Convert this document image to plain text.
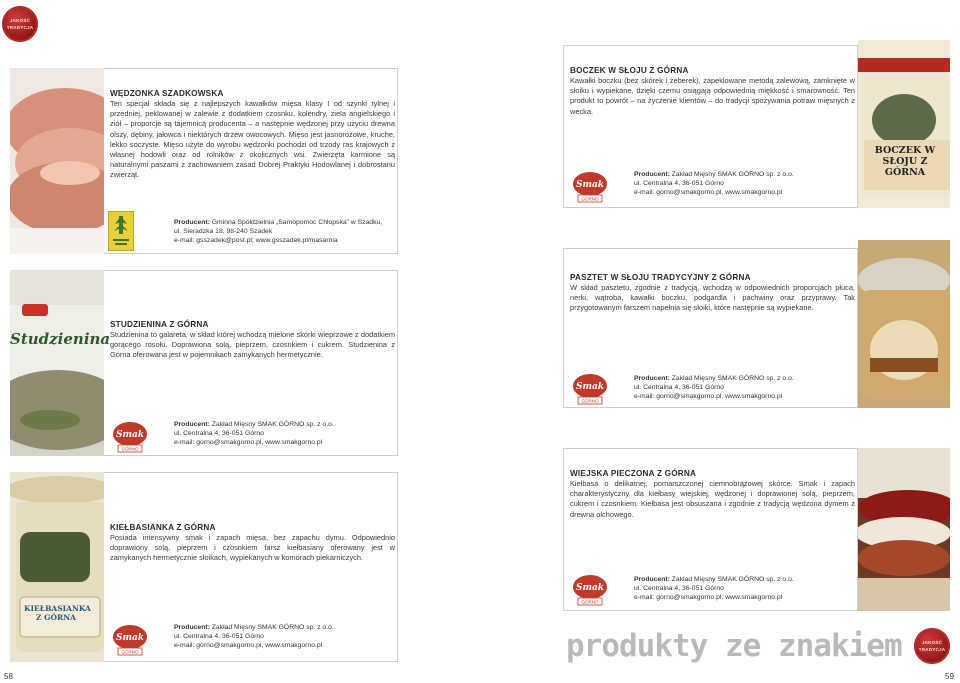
JAKOŚĆ
TRADYCJA
WĘDZONKA SZADKOWSKA
Ten specjał składa się z najlepszych kawałków mięsa klasy I od szynki tylnej i przedniej, peklowanej w zalewie z dodatkiem czosnku, kolendry, ziela angielskiego i ziół – proporcje są tajemnicą producenta – a następnie wędzonej przy użyciu drewna olszy, dębiny, jałowca i niektórych drzew owocowych. Mięso jest jasnoróżowe, kruche, lekko soczyste. Mięso użyte do wyrobu wędzonki pochodzi od trzody ras krajowych z własnej hodowli oraz od rolników z okolicznych wsi. Zwierzęta karmione są naturalnymi paszami z zachowaniem zasad Dobrej Praktyki Hodowlanej i dobrostanu zwierząt.
Producent: Gminna Spółdzielnia „Samopomoc Chłopska” w Szadku,
ul. Sieradzka 18, 98-240 Szadek
e-mail: gsszadek@post.pl; www.gsszadek.pl/masarnia
Studzienina
STUDZIENINA Z GÓRNA
Studzienina to galareta, w skład której wchodzą mielone skórki wieprzowe z dodatkiem gorącego rosołu. Doprawiona solą, pieprzem, czosnkiem i cukrem. Studzienina z Górna oferowana jest w pojemnikach zamykanych hermetycznie.
Smak
GÓRNO
Producent: Zakład Mięsny SMAK GÓRNO sp. z o.o.
ul. Centralna 4, 36-051 Górno
e-mail: gorno@smakgorno.pl, www.smakgorno.pl
KIEŁBASIANKA Z GÓRNA
KIEŁBASIANKA Z GÓRNA
Posiada intensywny smak i zapach mięsa, bez zapachu dymu. Odpowiednio doprawiony solą, pieprzem i czosnkiem farsz kiełbasiany oferowany jest w zamykanych hermetycznie słoikach, wypiekanych w komorach piekarniczych.
Smak
GÓRNO
Producent: Zakład Mięsny SMAK GÓRNO sp. z o.o.
ul. Centralna 4, 36-051 Górno
e-mail: gorno@smakgorno.pl, www.smakgorno.pl
58
BOCZEK W SŁOJU Z GÓRNA
BOCZEK W SŁOJU Z GÓRNA
Kawałki boczku (bez skórek i żeberek), zapeklowane metodą zalewową, zamknięte w słoiku i wypiekane, dzięki czemu osiągają odpowiednią miękkość i smarowność. Ten produkt to powrót – na życzenie klientów – do tradycji spożywania potraw mięsnych z wecka.
Smak
GÓRNO
Producent: Zakład Mięsny SMAK GÓRNO sp. z o.o.
ul. Centralna 4, 36-051 Górno
e-mail: gorno@smakgorno.pl, www.smakgorno.pl
PASZTET W SŁOJU TRADYCYJNY Z GÓRNA
W skład pasztetu, zgodnie z tradycją, wchodzą w odpowiednich proporcjach płuca, nerki, wątroba, kawałki boczku, podgardla i pachwiny oraz przyprawy. Tak przygotowanym farszem napełnia się słoiki, które następnie są wypiekane.
Smak
GÓRNO
Producent: Zakład Mięsny SMAK GÓRNO sp. z o.o.
ul. Centralna 4, 36-051 Górno
e-mail: gorno@smakgorno.pl, www.smakgorno.pl
WIEJSKA PIECZONA Z GÓRNA
Kiełbasa o delikatnej, pomarszczonej ciemnobrązowej skórce. Smak i zapach charakterystyczny dla kiełbasy wiejskiej, wędzonej i doprawionej solą, pieprzem, cukrem i czosnkiem. Kiełbasa jest obsuszana i zgodnie z tradycją wędzona dymem z drewna olchowego.
Smak
GÓRNO
Producent: Zakład Mięsny SMAK GÓRNO sp. z o.o.
ul. Centralna 4, 36-051 Górno
e-mail: gorno@smakgorno.pl, www.smakgorno.pl
produkty ze znakiem	JAKOŚĆ
TRADYCJA
59
